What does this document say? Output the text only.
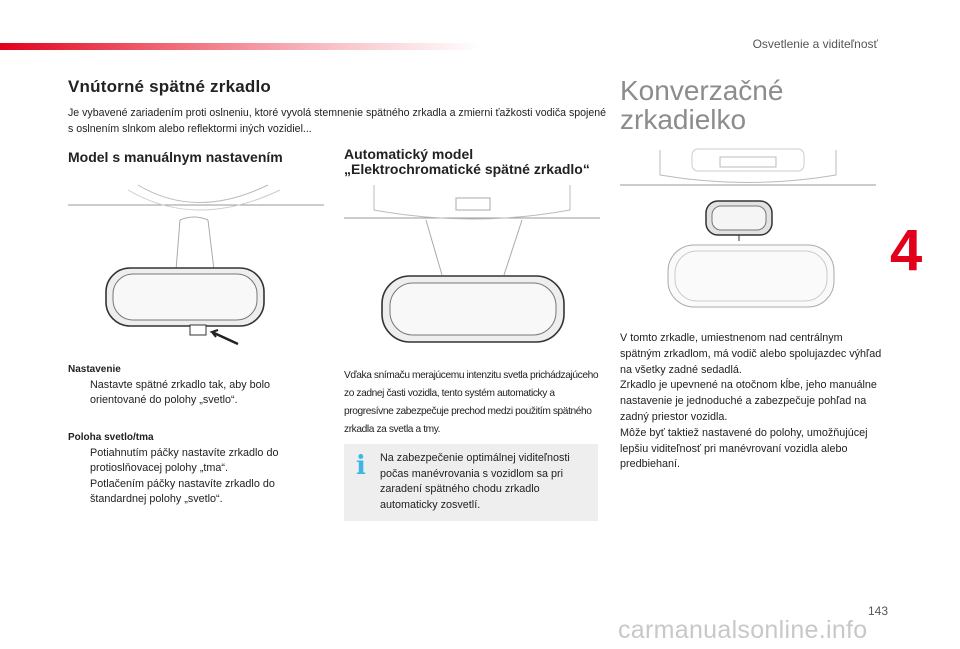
Osvetlenie a viditeľnosť
4
Vnútorné spätné zrkadlo
Je vybavené zariadením proti oslneniu, ktoré vyvolá stemnenie spätného zrkadla a zmierni ťažkosti vodiča spojené s oslnením slnkom alebo reflektormi iných vozidiel...
Model s manuálnym nastavením	Automatický model
„Elektrochromatické spätné zrkadlo“
Konverzačné
zrkadielko
Nastavenie
Nastavte spätné zrkadlo tak, aby bolo orientované do polohy „svetlo“.
Poloha svetlo/tma
Potiahnutím páčky nastavíte zrkadlo do protioslňovacej polohy „tma“.
Potlačením páčky nastavíte zrkadlo do štandardnej polohy „svetlo“.
Vďaka snímaču merajúcemu intenzitu svetla prichádzajúceho zo zadnej časti vozidla, tento systém automaticky a progresívne zabezpečuje prechod medzi použitím spätného zrkadla za svetla a tmy.
i Na zabezpečenie optimálnej viditeľnosti počas manévrovania s vozidlom sa pri zaradení spätného chodu zrkadlo automaticky zosvetlí.
V tomto zrkadle, umiestnenom nad centrálnym spätným zrkadlom, má vodič alebo spolujazdec výhľad na všetky zadné sedadlá.
Zrkadlo je upevnené na otočnom kĺbe, jeho manuálne nastavenie je jednoduché a zabezpečuje pohľad na zadný priestor vozidla.
Môže byť taktiež nastavené do polohy, umožňujúcej lepšiu viditeľnosť pri manévrovaní vozidla alebo predbiehaní.
143
carmanualsonline.info
